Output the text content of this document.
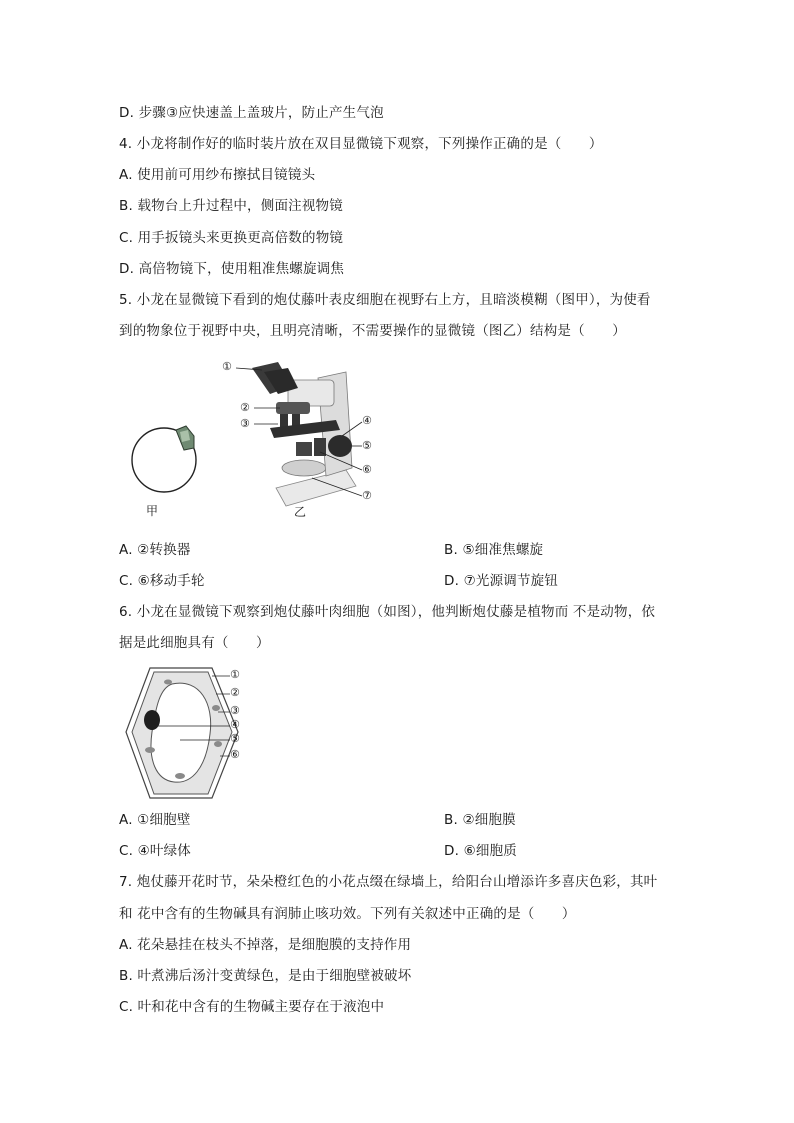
D. 步骤③应快速盖上盖玻片，防止产生气泡
4. 小龙将制作好的临时装片放在双目显微镜下观察，下列操作正确的是（　　）
A. 使用前可用纱布擦拭目镜镜头
B. 载物台上升过程中，侧面注视物镜
C. 用手扳镜头来更换更高倍数的物镜
D. 高倍物镜下，使用粗准焦螺旋调焦
5. 小龙在显微镜下看到的炮仗藤叶表皮细胞在视野右上方，且暗淡模糊（图甲），为使看
到的物象位于视野中央，且明亮清晰，不需要操作的显微镜（图乙）结构是（　　）
甲
①
②
③	④
⑤
⑥
⑦
乙
A. ②转换器	B. ⑤细准焦螺旋
C. ⑥移动手轮	D. ⑦光源调节旋钮
6. 小龙在显微镜下观察到炮仗藤叶肉细胞（如图），他判断炮仗藤是植物而 不是动物，依
据是此细胞具有（　　）
①
②
③
④
⑤
⑥
A. ①细胞壁	B. ②细胞膜
C. ④叶绿体	D. ⑥细胞质
7. 炮仗藤开花时节，朵朵橙红色的小花点缀在绿墙上，给阳台山增添许多喜庆色彩，其叶
和 花中含有的生物碱具有润肺止咳功效。下列有关叙述中正确的是（　　）
A. 花朵悬挂在枝头不掉落，是细胞膜的支持作用
B. 叶煮沸后汤汁变黄绿色，是由于细胞壁被破坏
C. 叶和花中含有的生物碱主要存在于液泡中
